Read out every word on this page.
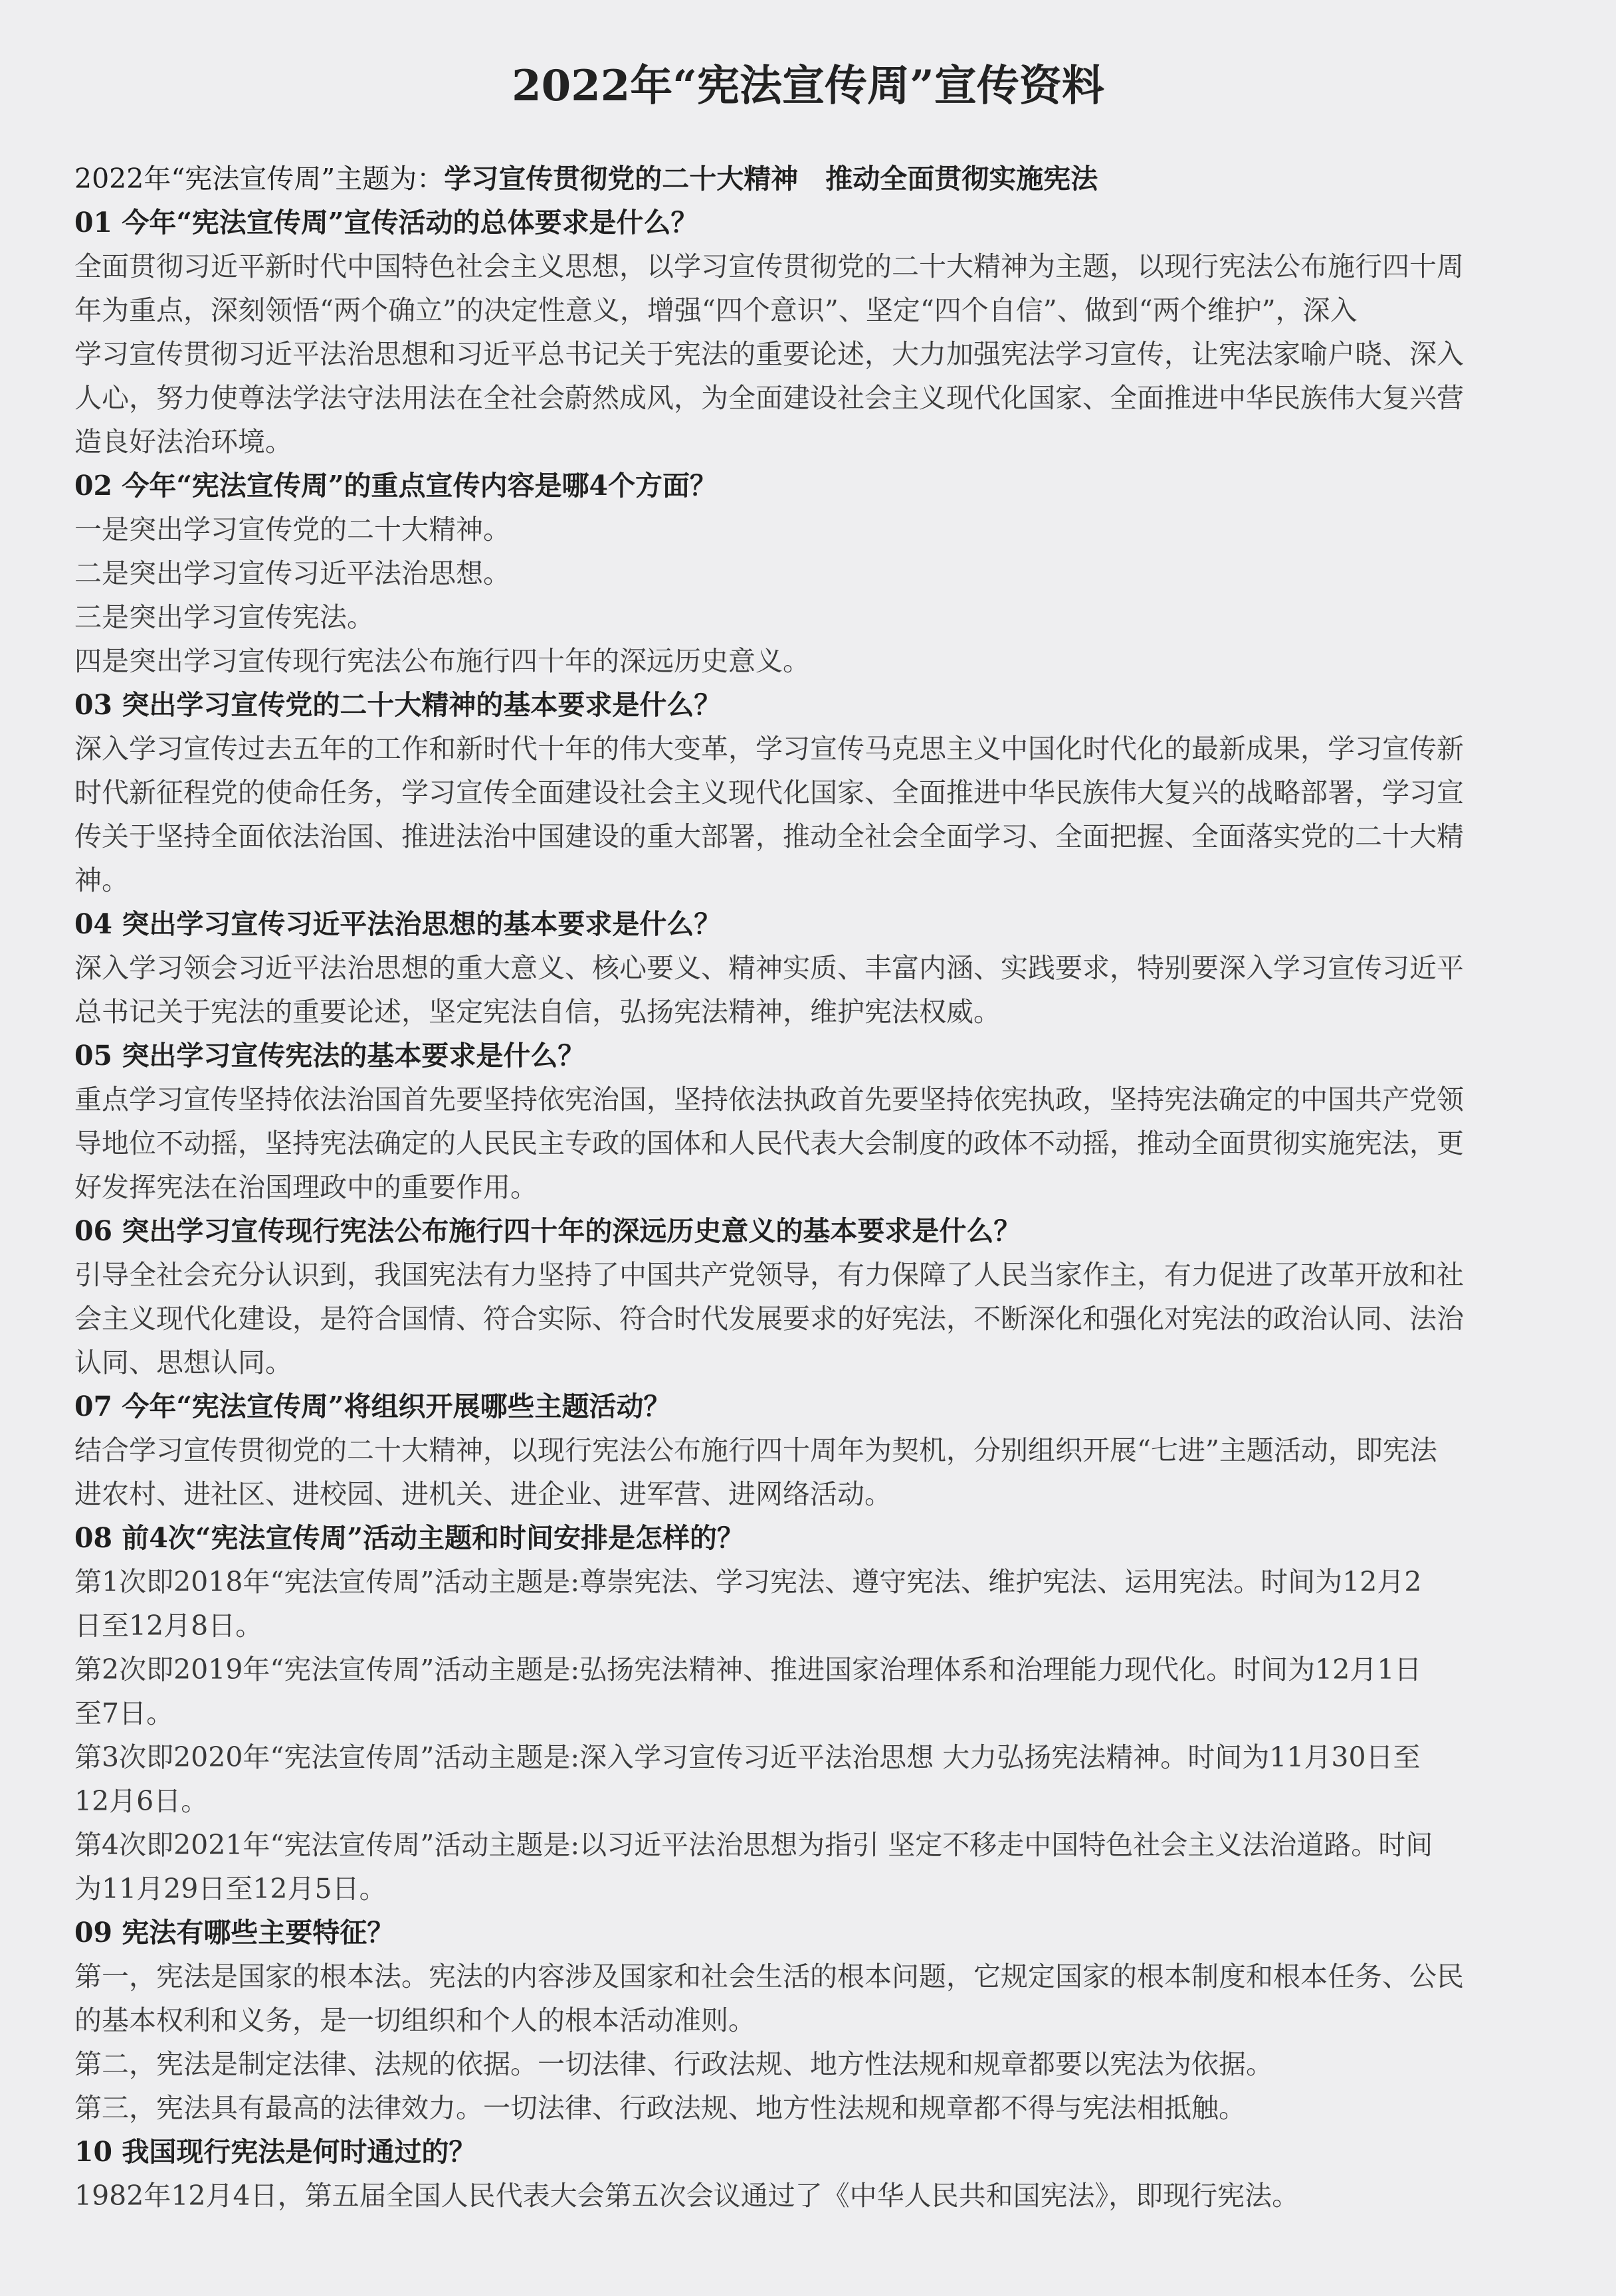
2022年“宪法宣传周”宣传资料
2022年“宪法宣传周”主题为：学习宣传贯彻党的二十大精神　推动全面贯彻实施宪法
01 今年“宪法宣传周”宣传活动的总体要求是什么？
全面贯彻习近平新时代中国特色社会主义思想，以学习宣传贯彻党的二十大精神为主题，以现行宪法公布施行四十周
年为重点，深刻领悟“两个确立”的决定性意义，增强“四个意识”、坚定“四个自信”、做到“两个维护”，深入
学习宣传贯彻习近平法治思想和习近平总书记关于宪法的重要论述，大力加强宪法学习宣传，让宪法家喻户晓、深入
人心，努力使尊法学法守法用法在全社会蔚然成风，为全面建设社会主义现代化国家、全面推进中华民族伟大复兴营
造良好法治环境。
02 今年“宪法宣传周”的重点宣传内容是哪4个方面？
一是突出学习宣传党的二十大精神。
二是突出学习宣传习近平法治思想。
三是突出学习宣传宪法。
四是突出学习宣传现行宪法公布施行四十年的深远历史意义。
03 突出学习宣传党的二十大精神的基本要求是什么？
深入学习宣传过去五年的工作和新时代十年的伟大变革，学习宣传马克思主义中国化时代化的最新成果，学习宣传新
时代新征程党的使命任务，学习宣传全面建设社会主义现代化国家、全面推进中华民族伟大复兴的战略部署，学习宣
传关于坚持全面依法治国、推进法治中国建设的重大部署，推动全社会全面学习、全面把握、全面落实党的二十大精
神。
04 突出学习宣传习近平法治思想的基本要求是什么？
深入学习领会习近平法治思想的重大意义、核心要义、精神实质、丰富内涵、实践要求，特别要深入学习宣传习近平
总书记关于宪法的重要论述，坚定宪法自信，弘扬宪法精神，维护宪法权威。
05 突出学习宣传宪法的基本要求是什么？
重点学习宣传坚持依法治国首先要坚持依宪治国，坚持依法执政首先要坚持依宪执政，坚持宪法确定的中国共产党领
导地位不动摇，坚持宪法确定的人民民主专政的国体和人民代表大会制度的政体不动摇，推动全面贯彻实施宪法，更
好发挥宪法在治国理政中的重要作用。
06 突出学习宣传现行宪法公布施行四十年的深远历史意义的基本要求是什么？
引导全社会充分认识到，我国宪法有力坚持了中国共产党领导，有力保障了人民当家作主，有力促进了改革开放和社
会主义现代化建设，是符合国情、符合实际、符合时代发展要求的好宪法，不断深化和强化对宪法的政治认同、法治
认同、思想认同。
07 今年“宪法宣传周”将组织开展哪些主题活动？
结合学习宣传贯彻党的二十大精神，以现行宪法公布施行四十周年为契机，分别组织开展“七进”主题活动，即宪法
进农村、进社区、进校园、进机关、进企业、进军营、进网络活动。
08 前4次“宪法宣传周”活动主题和时间安排是怎样的？
第1次即2018年“宪法宣传周”活动主题是:尊崇宪法、学习宪法、遵守宪法、维护宪法、运用宪法。时间为12月2
日至12月8日。
第2次即2019年“宪法宣传周”活动主题是:弘扬宪法精神、推进国家治理体系和治理能力现代化。时间为12月1日
至7日。
第3次即2020年“宪法宣传周”活动主题是:深入学习宣传习近平法治思想 大力弘扬宪法精神。时间为11月30日至
12月6日。
第4次即2021年“宪法宣传周”活动主题是:以习近平法治思想为指引 坚定不移走中国特色社会主义法治道路。时间
为11月29日至12月5日。
09 宪法有哪些主要特征？
第一，宪法是国家的根本法。宪法的内容涉及国家和社会生活的根本问题，它规定国家的根本制度和根本任务、公民
的基本权利和义务，是一切组织和个人的根本活动准则。
第二，宪法是制定法律、法规的依据。一切法律、行政法规、地方性法规和规章都要以宪法为依据。
第三，宪法具有最高的法律效力。一切法律、行政法规、地方性法规和规章都不得与宪法相抵触。
10 我国现行宪法是何时通过的？
1982年12月4日，第五届全国人民代表大会第五次会议通过了《中华人民共和国宪法》，即现行宪法。
